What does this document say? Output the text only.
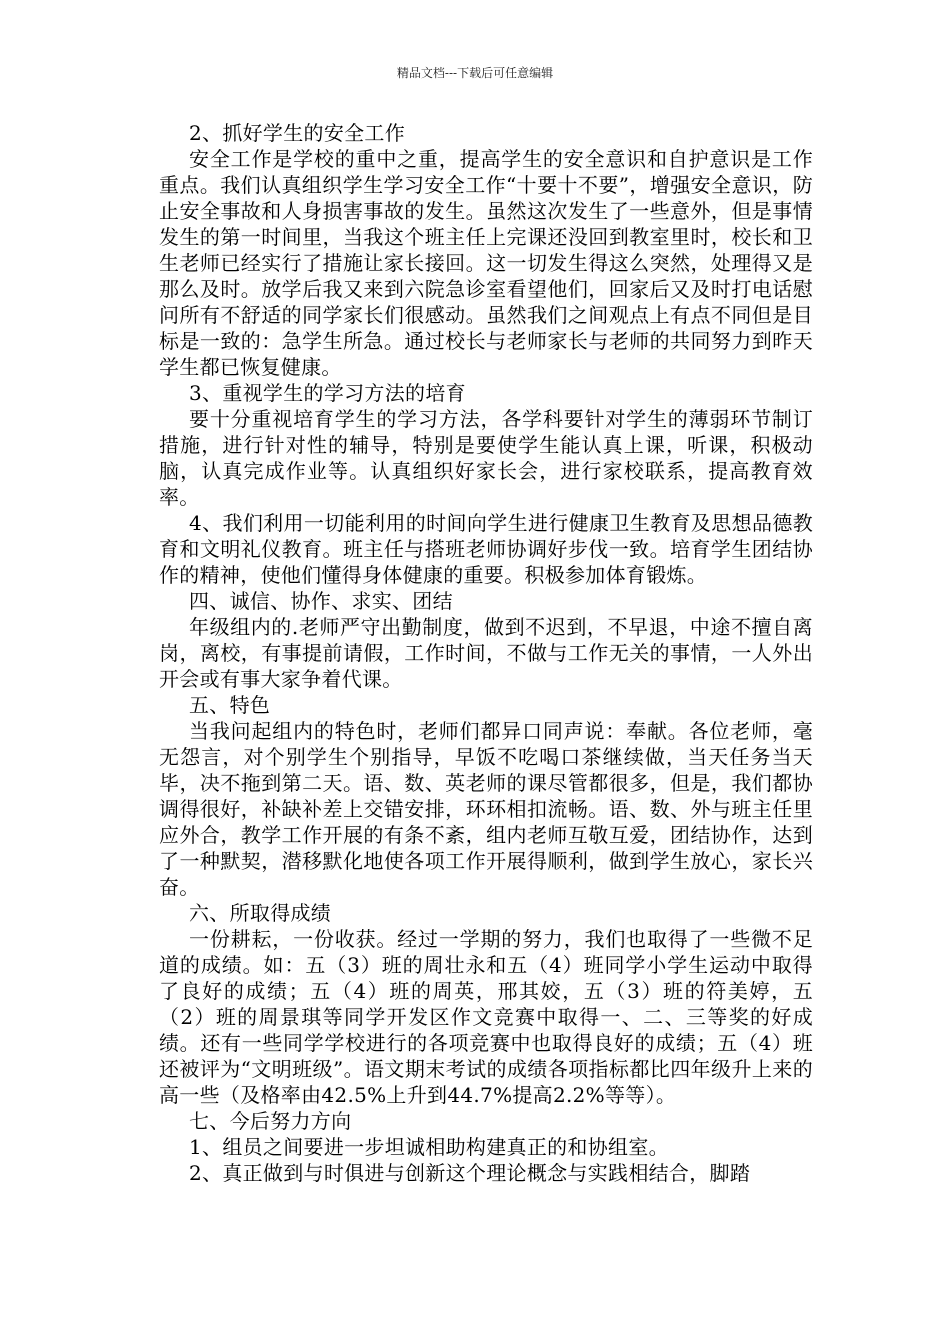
精品文档---下载后可任意编辑

2、抓好学生的安全工作

安全工作是学校的重中之重，提高学生的安全意识和自护意识是工作重点。我们认真组织学生学习安全工作“十要十不要”，增强安全意识，防止安全事故和人身损害事故的发生。虽然这次发生了一些意外，但是事情发生的第一时间里，当我这个班主任上完课还没回到教室里时，校长和卫生老师已经实行了措施让家长接回。这一切发生得这么突然，处理得又是那么及时。放学后我又来到六院急诊室看望他们，回家后又及时打电话慰问所有不舒适的同学家长们很感动。虽然我们之间观点上有点不同但是目标是一致的：急学生所急。通过校长与老师家长与老师的共同努力到昨天学生都已恢复健康。

3、重视学生的学习方法的培育

要十分重视培育学生的学习方法，各学科要针对学生的薄弱环节制订措施，进行针对性的辅导，特别是要使学生能认真上课，听课，积极动脑，认真完成作业等。认真组织好家长会，进行家校联系，提高教育效率。

4、我们利用一切能利用的时间向学生进行健康卫生教育及思想品德教育和文明礼仪教育。班主任与搭班老师协调好步伐一致。培育学生团结协作的精神，使他们懂得身体健康的重要。积极参加体育锻炼。

四、诚信、协作、求实、团结

年级组内的.老师严守出勤制度，做到不迟到，不早退，中途不擅自离岗，离校，有事提前请假，工作时间，不做与工作无关的事情，一人外出开会或有事大家争着代课。

五、特色

当我问起组内的特色时，老师们都异口同声说：奉献。各位老师，毫无怨言，对个别学生个别指导，早饭不吃喝口茶继续做，当天任务当天毕，决不拖到第二天。语、数、英老师的课尽管都很多，但是，我们都协调得很好，补缺补差上交错安排，环环相扣流畅。语、数、外与班主任里应外合，教学工作开展的有条不紊，组内老师互敬互爱，团结协作，达到了一种默契，潜移默化地使各项工作开展得顺利，做到学生放心，家长兴奋。

六、所取得成绩

一份耕耘，一份收获。经过一学期的努力，我们也取得了一些微不足道的成绩。如：五（3）班的周壮永和五（4）班同学小学生运动中取得了良好的成绩；五（4）班的周英，邢其姣，五（3）班的符美婷，五（2）班的周景琪等同学开发区作文竞赛中取得一、二、三等奖的好成绩。还有一些同学学校进行的各项竞赛中也取得良好的成绩；五（4）班还被评为“文明班级”。语文期末考试的成绩各项指标都比四年级升上来的高一些（及格率由42.5%上升到44.7%提高2.2%等等）。

七、今后努力方向

1、组员之间要进一步坦诚相助构建真正的和协组室。

2、真正做到与时俱进与创新这个理论概念与实践相结合，脚踏
